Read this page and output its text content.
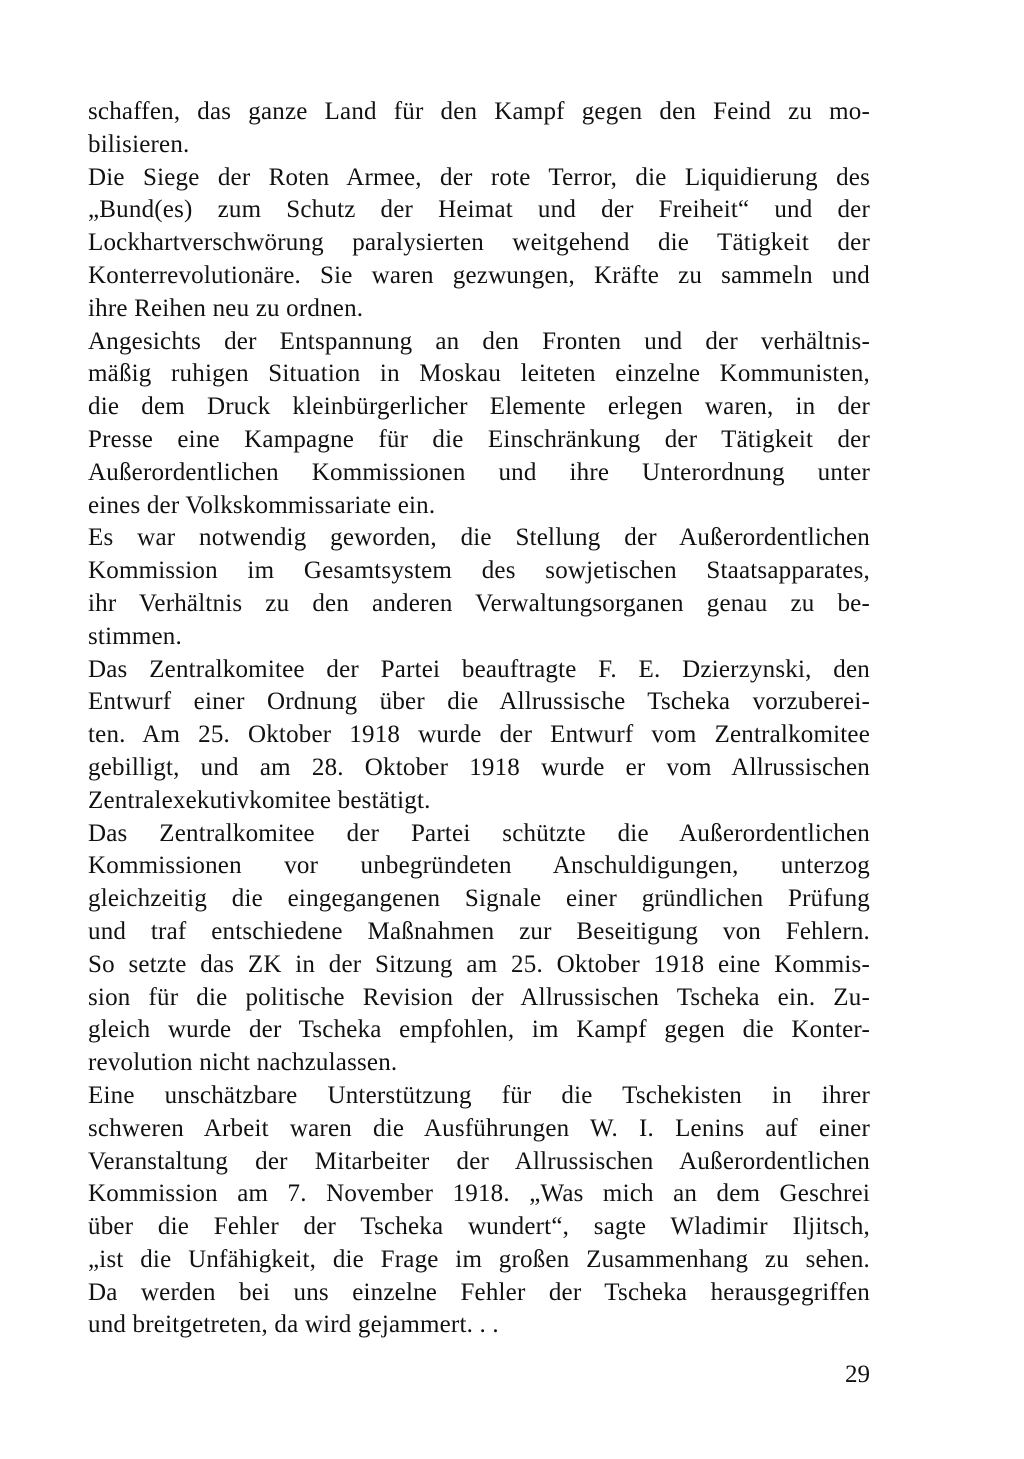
schaffen, das ganze Land für den Kampf gegen den Feind zu mo-
bilisieren.
Die Siege der Roten Armee, der rote Terror, die Liquidierung des
„Bund(es) zum Schutz der Heimat und der Freiheit“ und der
Lockhartverschwörung paralysierten weitgehend die Tätigkeit der
Konterrevolutionäre. Sie waren gezwungen, Kräfte zu sammeln und
ihre Reihen neu zu ordnen.
Angesichts der Entspannung an den Fronten und der verhältnis-
mäßig ruhigen Situation in Moskau leiteten einzelne Kommunisten,
die dem Druck kleinbürgerlicher Elemente erlegen waren, in der
Presse eine Kampagne für die Einschränkung der Tätigkeit der
Außerordentlichen Kommissionen und ihre Unterordnung unter
eines der Volkskommissariate ein.
Es war notwendig geworden, die Stellung der Außerordentlichen
Kommission im Gesamtsystem des sowjetischen Staatsapparates,
ihr Verhältnis zu den anderen Verwaltungsorganen genau zu be-
stimmen.
Das Zentralkomitee der Partei beauftragte F. E. Dzierzynski, den
Entwurf einer Ordnung über die Allrussische Tscheka vorzuberei-
ten. Am 25. Oktober 1918 wurde der Entwurf vom Zentralkomitee
gebilligt, und am 28. Oktober 1918 wurde er vom Allrussischen
Zentralexekutivkomitee bestätigt.
Das Zentralkomitee der Partei schützte die Außerordentlichen
Kommissionen vor unbegründeten Anschuldigungen, unterzog
gleichzeitig die eingegangenen Signale einer gründlichen Prüfung
und traf entschiedene Maßnahmen zur Beseitigung von Fehlern.
So setzte das ZK in der Sitzung am 25. Oktober 1918 eine Kommis-
sion für die politische Revision der Allrussischen Tscheka ein. Zu-
gleich wurde der Tscheka empfohlen, im Kampf gegen die Konter-
revolution nicht nachzulassen.
Eine unschätzbare Unterstützung für die Tschekisten in ihrer
schweren Arbeit waren die Ausführungen W. I. Lenins auf einer
Veranstaltung der Mitarbeiter der Allrussischen Außerordentlichen
Kommission am 7. November 1918. „Was mich an dem Geschrei
über die Fehler der Tscheka wundert“, sagte Wladimir Iljitsch,
„ist die Unfähigkeit, die Frage im großen Zusammenhang zu sehen.
Da werden bei uns einzelne Fehler der Tscheka herausgegriffen
und breitgetreten, da wird gejammert. . .
29
